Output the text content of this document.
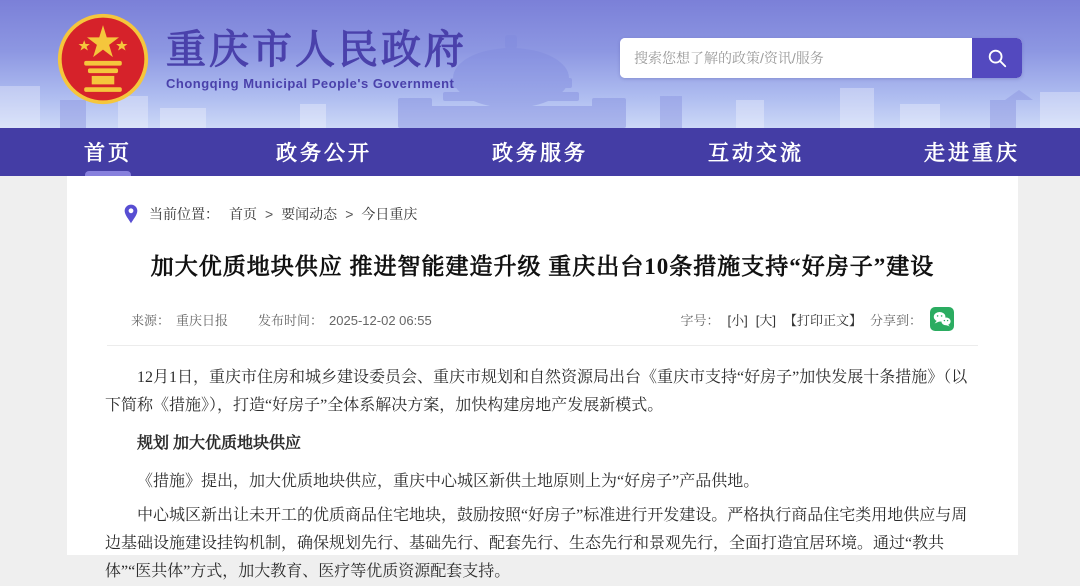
重庆市人民政府
Chongqing Municipal People's Government
搜索您想了解的政策/资讯/服务
首页	政务公开	政务服务	互动交流	走进重庆
当前位置： 首页 > 要闻动态 > 今日重庆
加大优质地块供应 推进智能建造升级 重庆出台10条措施支持“好房子”建设
来源： 重庆日报 发布时间： 2025-12-02 06:55	字号： [小] [大] 【打印正文】 分享到：

12月1日，重庆市住房和城乡建设委员会、重庆市规划和自然资源局出台《重庆市支持“好房子”加快发展十条措施》（以下简称《措施》），打造“好房子”全体系解决方案，加快构建房地产发展新模式。

规划 加大优质地块供应

《措施》提出，加大优质地块供应，重庆中心城区新供土地原则上为“好房子”产品供地。

中心城区新出让未开工的优质商品住宅地块，鼓励按照“好房子”标准进行开发建设。严格执行商品住宅类用地供应与周边基础设施建设挂钩机制，确保规划先行、基础先行、配套先行、生态先行和景观先行，全面打造宜居环境。通过“教共体”“医共体”方式，加大教育、医疗等优质资源配套支持。
